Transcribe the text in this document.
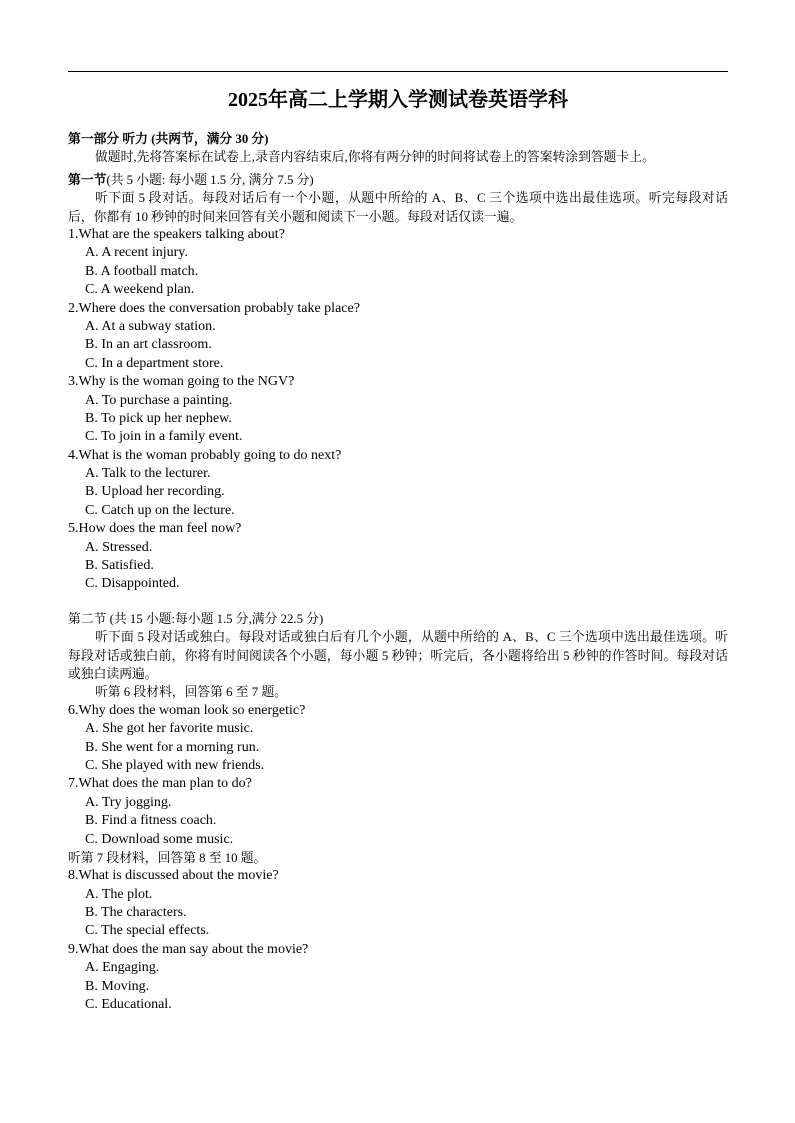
2025年高二上学期入学测试卷英语学科
第一部分 听力 (共两节，满分 30 分)
做题时,先将答案标在试卷上,录音内容结束后,你将有两分钟的时间将试卷上的答案转涂到答题卡上。
第一节(共 5 小题: 每小题 1.5 分, 满分 7.5 分)
听下面 5 段对话。每段对话后有一个小题，从题中所给的 A、B、C 三个选项中选出最佳选项。听完每段对话后，你都有 10 秒钟的时间来回答有关小题和阅读下一小题。每段对话仅读一遍。
1.What are the speakers talking about?
A. A recent injury.
B. A football match.
C. A weekend plan.
2.Where does the conversation probably take place?
A. At a subway station.
B. In an art classroom.
C. In a department store.
3.Why is the woman going to the NGV?
A. To purchase a painting.
B. To pick up her nephew.
C. To join in a family event.
4.What is the woman probably going to do next?
A. Talk to the lecturer.
B. Upload her recording.
C. Catch up on the lecture.
5.How does the man feel now?
A. Stressed.
B. Satisfied.
C. Disappointed.
第二节 (共 15 小题:每小题 1.5 分,满分 22.5 分)
听下面 5 段对话或独白。每段对话或独白后有几个小题，从题中所给的 A、B、C 三个选项中选出最佳选项。听每段对话或独白前，你将有时间阅读各个小题，每小题 5 秒钟；听完后，各小题将给出 5 秒钟的作答时间。每段对话或独白读两遍。
听第 6 段材料，回答第 6 至 7 题。
6.Why does the woman look so energetic?
A. She got her favorite music.
B. She went for a morning run.
C. She played with new friends.
7.What does the man plan to do?
A. Try jogging.
B. Find a fitness coach.
C. Download some music.
听第 7 段材料，回答第 8 至 10 题。
8.What is discussed about the movie?
A. The plot.
B. The characters.
C. The special effects.
9.What does the man say about the movie?
A. Engaging.
B. Moving.
C. Educational.
